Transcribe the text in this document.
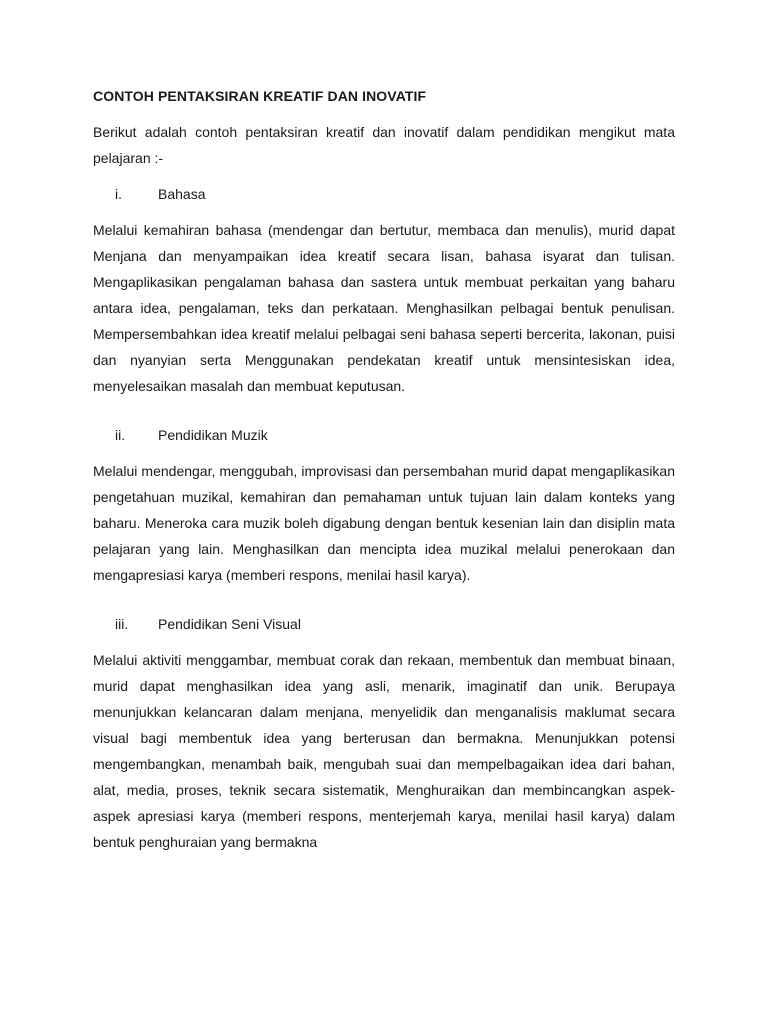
CONTOH PENTAKSIRAN KREATIF DAN INOVATIF

Berikut adalah contoh pentaksiran kreatif dan inovatif dalam pendidikan mengikut mata pelajaran :-

i.	Bahasa

Melalui kemahiran bahasa (mendengar dan bertutur, membaca dan menulis), murid dapat Menjana dan menyampaikan idea kreatif secara lisan, bahasa isyarat dan tulisan. Mengaplikasikan pengalaman bahasa dan sastera untuk membuat perkaitan yang baharu antara idea, pengalaman, teks dan perkataan. Menghasilkan pelbagai bentuk penulisan. Mempersembahkan idea kreatif melalui pelbagai seni bahasa seperti bercerita, lakonan, puisi dan nyanyian serta Menggunakan pendekatan kreatif untuk mensintesiskan idea, menyelesaikan masalah dan membuat keputusan.

ii.	Pendidikan Muzik

Melalui mendengar, menggubah, improvisasi dan persembahan murid dapat mengaplikasikan pengetahuan muzikal, kemahiran dan pemahaman untuk tujuan lain dalam konteks yang baharu. Meneroka cara muzik boleh digabung dengan bentuk kesenian lain dan disiplin mata pelajaran yang lain. Menghasilkan dan mencipta idea muzikal melalui penerokaan dan mengapresiasi karya (memberi respons, menilai hasil karya).

iii.	Pendidikan Seni Visual

Melalui aktiviti menggambar, membuat corak dan rekaan, membentuk dan membuat binaan, murid dapat menghasilkan idea yang asli, menarik, imaginatif dan unik. Berupaya menunjukkan kelancaran dalam menjana, menyelidik dan menganalisis maklumat secara visual bagi membentuk idea yang berterusan dan bermakna. Menunjukkan potensi mengembangkan, menambah baik, mengubah suai dan mempelbagaikan idea dari bahan, alat, media, proses, teknik secara sistematik, Menghuraikan dan membincangkan aspek-aspek apresiasi karya (memberi respons, menterjemah karya, menilai hasil karya) dalam bentuk penghuraian yang bermakna
